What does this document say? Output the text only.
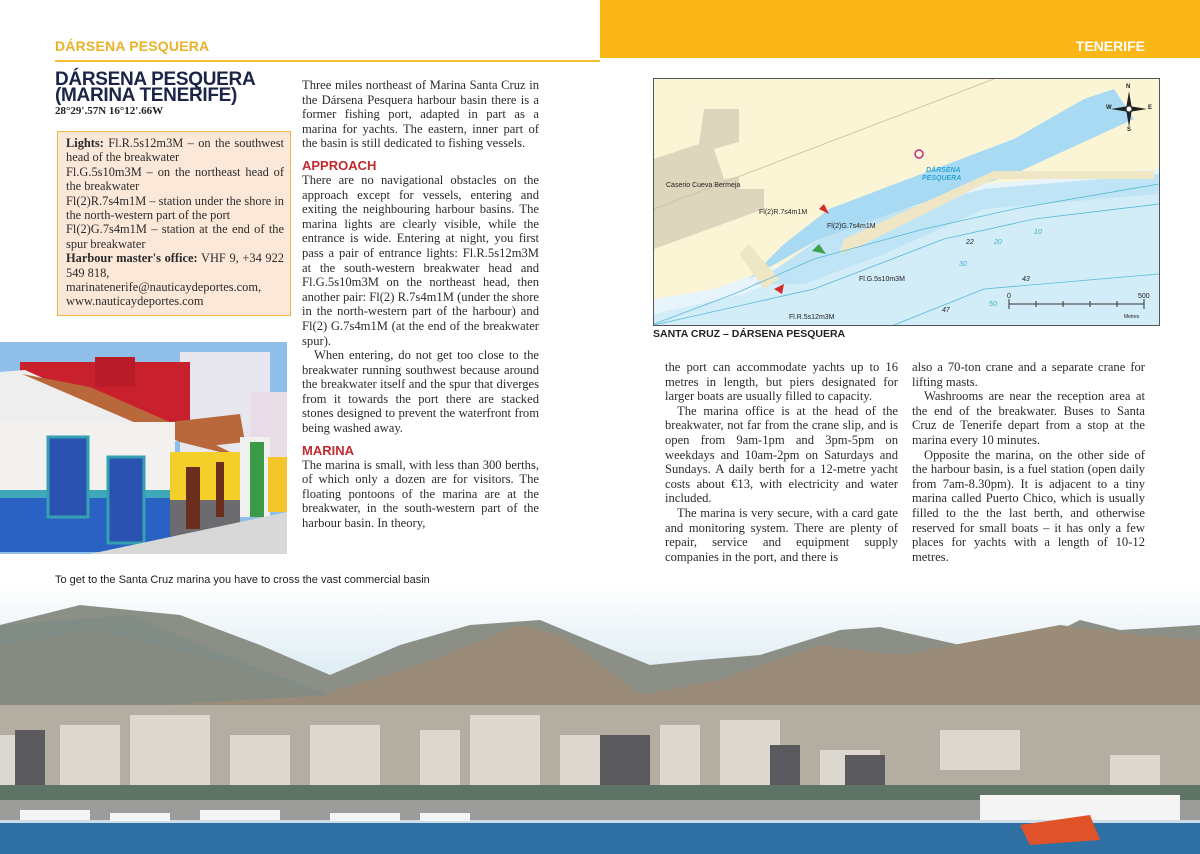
DÁRSENA PESQUERA	TENERIFE
DÁRSENA PESQUERA
(MARINA TENERIFE)
28°29'.57N 16°12'.66W

Lights: Fl.R.5s12m3M – on the southwest head of the breakwater

Fl.G.5s10m3M – on the northeast head of the breakwater

Fl(2)R.7s4m1M – station under the shore in the north-western part of the port

Fl(2)G.7s4m1M – station at the end of the spur breakwater

Harbour master's office: VHF 9, +34 922 549 818,

marinatenerife@nauticaydeportes.com,

www.nauticaydeportes.com

Three miles northeast of Marina Santa Cruz in the Dársena Pesquera harbour basin there is a former fishing port, adapted in part as a marina for yachts. The eastern, inner part of the basin is still dedicated to fishing vessels.

APPROACH

There are no navigational obstacles on the approach except for vessels, entering and exiting the neighbouring harbour basins. The marina lights are clearly visible, while the entrance is wide. Entering at night, you first pass a pair of entrance lights: Fl.R.5s12m3M at the south-western breakwater head and Fl.G.5s10m3M on the northeast head, then another pair: Fl(2) R.7s4m1M (under the shore in the north-western part of the harbour) and Fl(2) G.7s4m1M (at the end of the breakwater spur).

When entering, do not get too close to the breakwater running southwest because around the breakwater itself and the spur that diverges from it towards the port there are stacked stones designed to prevent the waterfront from being washed away.

MARINA

The marina is small, with less than 300 berths, of which only a dozen are for visitors. The floating pontoons of the marina are at the breakwater, in the south-western part of the harbour basin. In theory,

Caserio Cueva Bermeja
DÁRSENA
PESQUERA
Fl(2)R.7s4m1M
Fl(2)G.7s4m1M
Fl.G.5s10m3M
Fl.R.5s12m3M
N
W	E
S
10
20
30
50
22
43
47
0	500
Metres
SANTA CRUZ – DÁRSENA PESQUERA

the port can accommodate yachts up to 16 metres in length, but piers designated for larger boats are usually filled to capacity.

The marina office is at the head of the breakwater, not far from the crane slip, and is open from 9am-1pm and 3pm-5pm on weekdays and 10am-2pm on Saturdays and Sundays. A daily berth for a 12-metre yacht costs about €13, with electricity and water included.

The marina is very secure, with a card gate and monitoring system. There are plenty of repair, service and equipment supply companies in the port, and there is

also a 70-ton crane and a separate crane for lifting masts.

Washrooms are near the reception area at the end of the breakwater. Buses to Santa Cruz de Tenerife depart from a stop at the marina every 10 minutes.

Opposite the marina, on the other side of the harbour basin, is a fuel station (open daily from 7am-8.30pm). It is adjacent to a tiny marina called Puerto Chico, which is usually filled to the the last berth, and otherwise reserved for small boats – it has only a few places for yachts with a length of 10-12 metres.

To get to the Santa Cruz marina you have to cross the vast commercial basin
